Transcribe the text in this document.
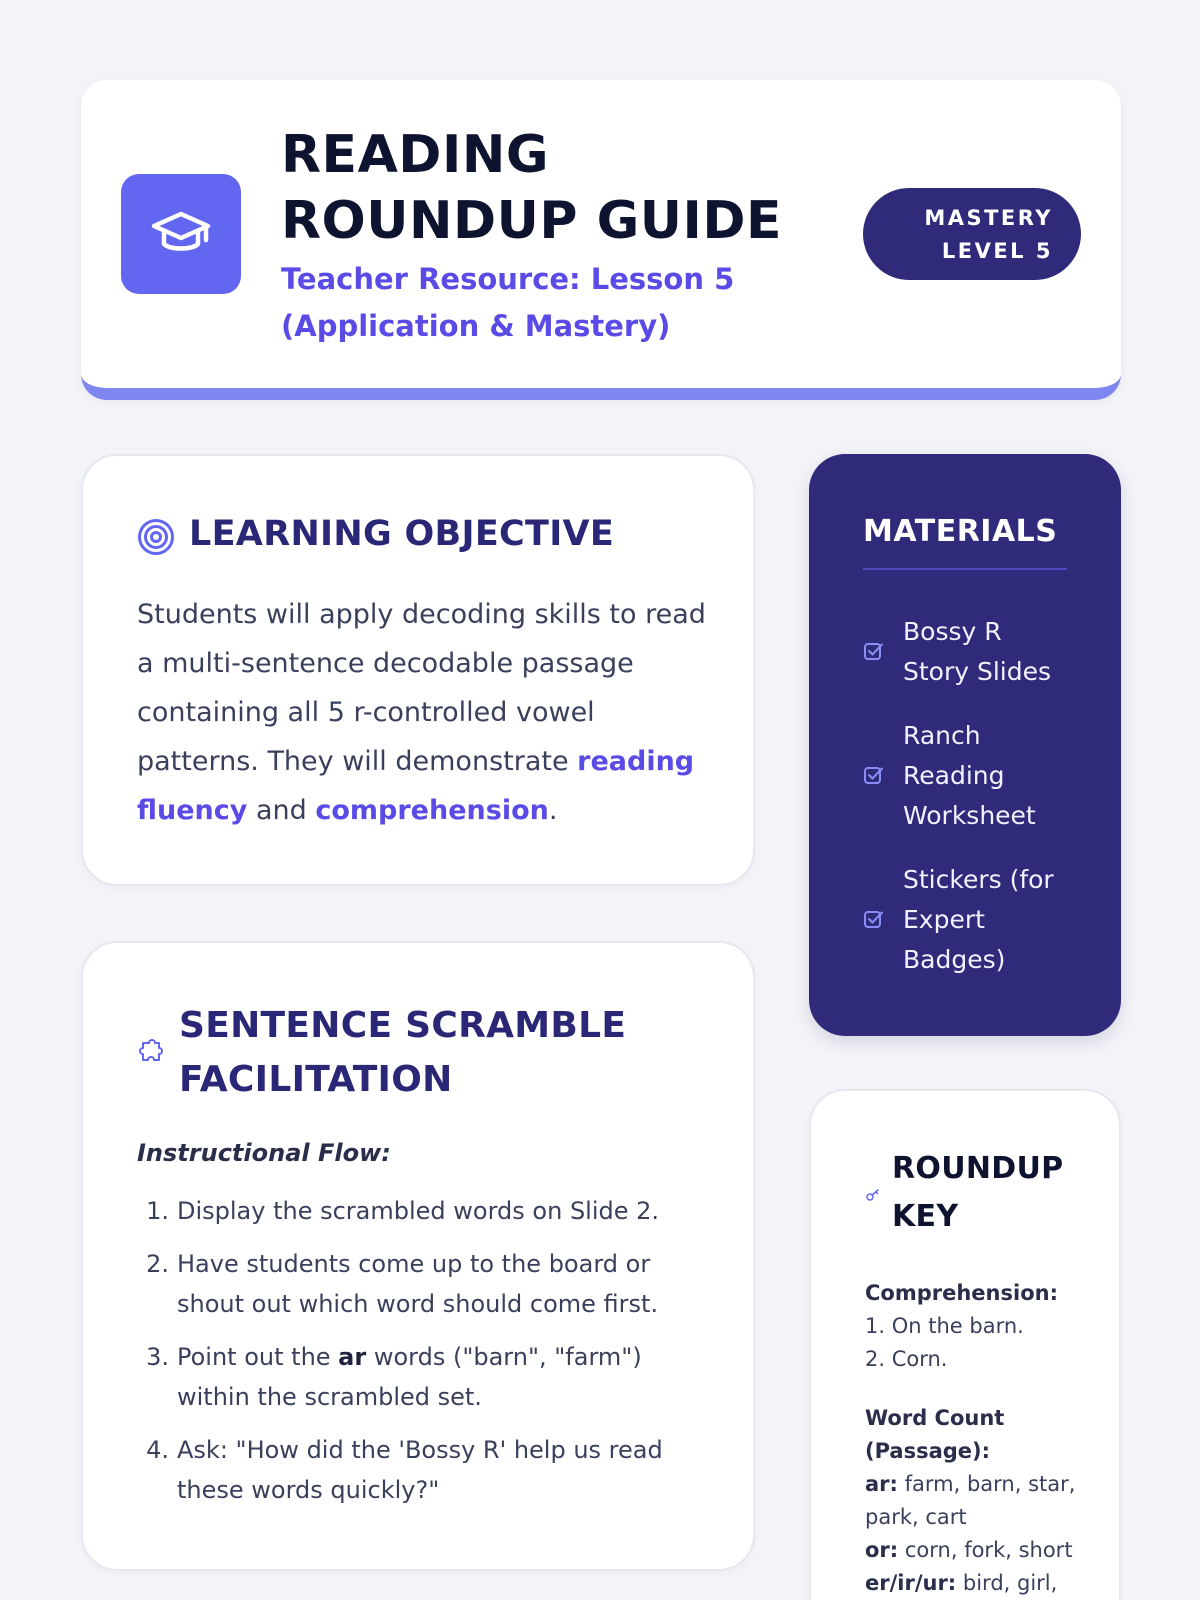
READING ROUNDUP GUIDE
Teacher Resource: Lesson 5 (Application & Mastery)
MASTERY LEVEL 5
LEARNING OBJECTIVE

Students will apply decoding skills to read a multi-sentence decodable passage containing all 5 r-controlled vowel patterns. They will demonstrate reading fluency and comprehension.

MATERIALS
Bossy R Story Slides
Ranch Reading Worksheet
Stickers (for Expert Badges)
SENTENCE SCRAMBLE FACILITATION
Instructional Flow:
1. Display the scrambled words on Slide 2.
2. Have students come up to the board or shout out which word should come first.
3. Point out the ar words ("barn", "farm") within the scrambled set.
4. Ask: "How did the 'Bossy R' help us read these words quickly?"
ROUNDUP KEY
Comprehension:
1. On the barn.
2. Corn.
Word Count (Passage):
ar: farm, barn, star, park, cart
or: corn, fork, short
er/ir/ur: bird, girl,
